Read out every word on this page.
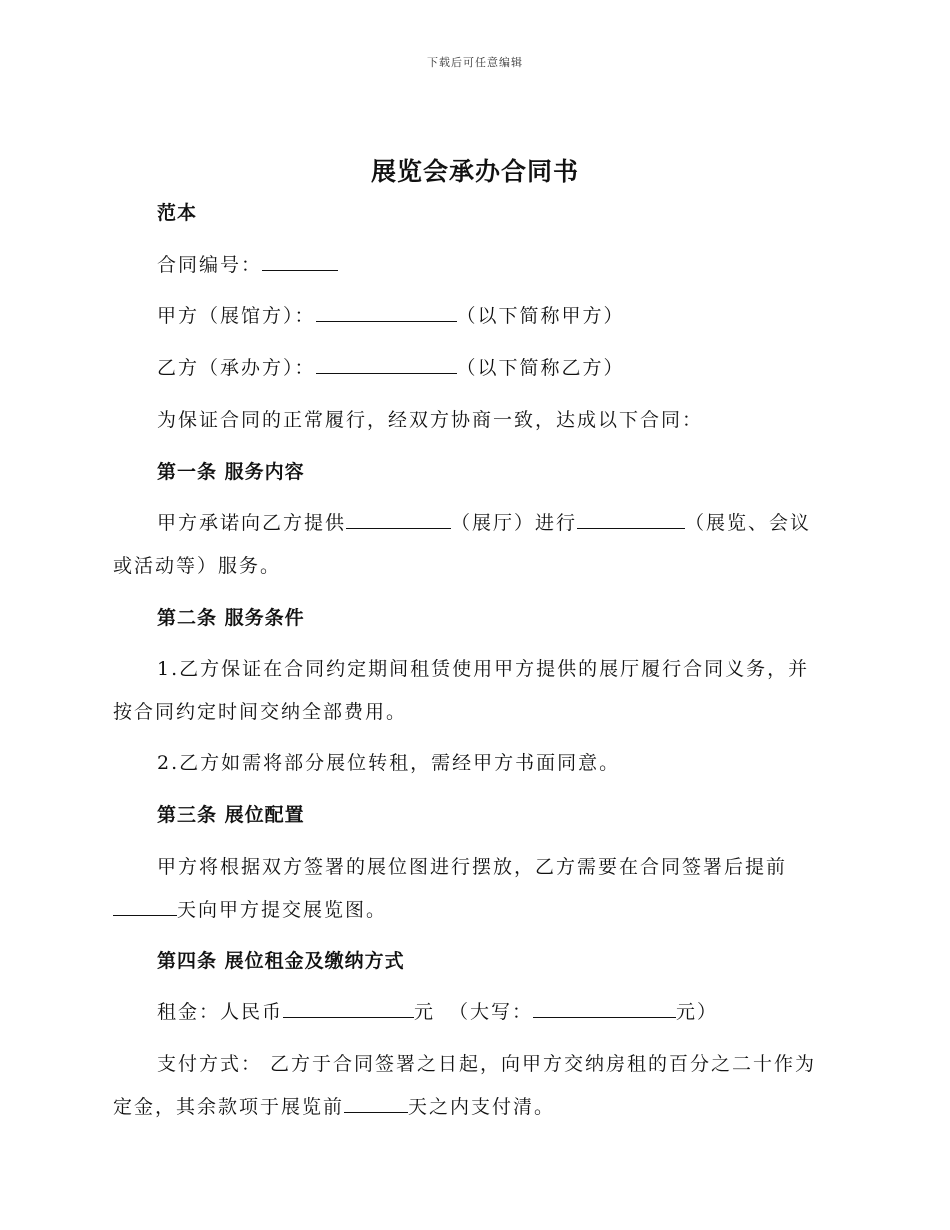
下载后可任意编辑
展览会承办合同书
范本
合同编号：
甲方（展馆方）：	（以下简称甲方）
乙方（承办方）：	（以下简称乙方）
为保证合同的正常履行，经双方协商一致，达成以下合同：
第一条 服务内容
甲方承诺向乙方提供	（展厅）进行	（展览、会议
或活动等）服务。
第二条 服务条件
1.乙方保证在合同约定期间租赁使用甲方提供的展厅履行合同义务，并
按合同约定时间交纳全部费用。
2.乙方如需将部分展位转租，需经甲方书面同意。
第三条 展位配置
甲方将根据双方签署的展位图进行摆放，乙方需要在合同签署后提前
天向甲方提交展览图。
第四条 展位租金及缴纳方式
租金：人民币	元 （大写：	元）
支付方式： 乙方于合同签署之日起，向甲方交纳房租的百分之二十作为
定金，其余款项于展览前	天之内支付清。
